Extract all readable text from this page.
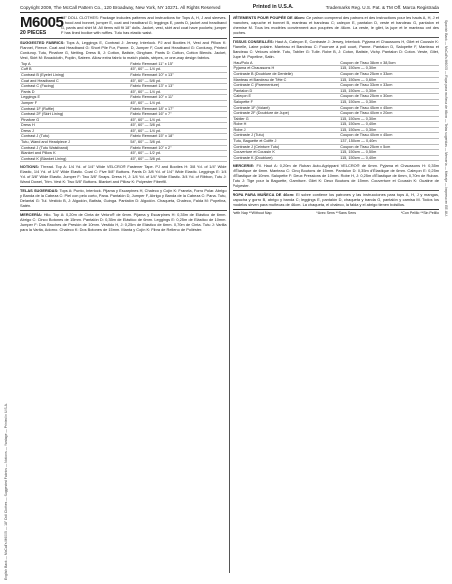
English Back — McCall's M6005 — 18" Doll Clothes — Suggested Fabrics — Notions — Yardage — Printed in U.S.A.
Spanish Back — McCall's M6005 — Ropa para muñeca de 46cm — Telas sugeridas — Mercería — Metraje — Impreso en EE.UU.
Copyright 2009, The McCall Pattern Co., 120 Broadway, New York, NY 10271. All Rights Reserved	Printed in U.S.A.	Trademarks Reg. U.S. Pat. & TM Off. Marca Registrada
M6005
20 PIECES

18" DOLL CLOTHES: Package includes patterns and instructions for Tops A, H, J and sleeves. B hood and bonnet, jumper E, coat and headband G; leggings E, pants D, jacket and headband G, pants and shirt M. All items will fit 18" dolls. Jacket, vest, skirt and coat have pockets; jumper F has lined bodice with ruffles. Tutu has elastic waist.

SUGGESTED FABRICS: Tops A, Leggings E, Contrast J: Jersey, Interlock. PJ and Booties H, Vest and Pillow K: Flannel, Fleece. Coat and Headband G: Short Pile Fur, Panne. D, Jumper F, Coat and Headband G: Corduroy, Printed Corduroy. Tutu, Pinafore G, Netting. Dress B, J: Cotton, Batiste, Gingham. Pants D: Cotton, Cotton Blends. Jacket, Vest, Skirt M: Broadcloth, Poplin, Sateen. Allow extra fabric to match plaids, stripes, or one-way design fabrics.

Top A	Fabric Remnant 11" x 15"
Cuff B	45", 60" — 1/4 yd.
Contrast B (Eyelet Lining)	Fabric Remnant 10" x 13"
Coat and Headband C	45", 60" — 5/8 yd.
Contrast C (Facing)	Fabric Remnant 13" x 13"
Pants D	45", 60" — 1/4 yd.
Leggings E	Fabric Remnant 10" x 11"
Jumper F	45", 60" — 1/4 yd.
Contrast 1F (Ruffle)	Fabric Remnant 18" x 17"
Contrast 2F (Skirt Lining)	Fabric Remnant 16" x 7"
Pinafore G	45", 60" — 1/4 yd.
Dress H	45", 60" — 3/8 yd.
Dress J	45", 60" — 1/4 yd.
Contrast J (Tutu)	Fabric Remnant 15" x 18"
Tutu, Wand and Headpiece J	54", 60" — 3/8 yd.
Contrast J (Tutu Waistband)	Fabric Remnant 10" x 2"
Blanket and Pillow K	45", 60" — 1/2 yd.
Contrast K (Blanket Lining)	45", 60" — 3/8 yd.

NOTIONS: Thread. Top A: 1/4 Yd. of 1/4" Wide VELCRO® Fastener Tape. PJ and Booties H: 3/8 Yd. of 1/4" Wide Elastic, 1/4 Yd. of 1/4" Wide Elastic. Coat C: Five 5/8" Buttons. Pants D: 3/8 Yd. of 1/4" Wide Elastic. Leggings E: 1/4 Yd. of 3/8" Wide Elastic. Jumper F: Two 3/8" Snaps. Dress H, J: 1/4 Yd. of 1/4" Wide Elastic. 3/4 Yd. of Ribbon, Tutu J: Wand Dowel, Trim. Vest K: Two 5/8" Buttons. Blanket and Pillow K: Polyester Fiberfill.

TELAS SUGERIDAS: Tops A: Punto, Interlock. Pijama y Escarpines H, Chaleco y Cojín K: Franela, Forro Polar. Abrigo y Banda de la Cabeza C: Piel con pelo corto, Pana. Pantalón D, Jumper F, Abrigo y Banda de la Cabeza C: Pana. Tutu, Delantal G: Tul. Vestido B, J: Algodón, Batista, Guinga. Pantalón D: Algodón. Chaqueta, Chaleco, Falda M: Popelina, Satén.

MERCERÍA: Hilo. Top A: 0,20m de Cinta de Velcro® de 6mm. Pijama y Escarpines H: 0,35m de Elástico de 6mm. Abrigo C: Cinco Botones de 15mm. Pantalón D: 0,35m de Elástico de 6mm. Leggings E: 0,25m de Elástico de 10mm. Jumper F: Dos Broches de Presión de 10mm. Vestido H, J: 0,25m de Elástico de 6mm. 0,70m de Cinta. Tutu J: Varilla para la Varita, Adorno. Chaleco K: Dos Botones de 15mm. Manta y Cojín K: Fibra de Relleno de Poliéster.

VÊTEMENTS POUR POUPÉE DE 46cm: Ce patron comprend des patrons et des instructions pour les hauts A, H, J et manches, capuche et bonnet B, manteau et bandeau C; caleçon E, pantalon D, veste et bandeau G, pantalon et chemise M. Tous les modèles conviennent aux poupées de 46cm. La veste, le gilet, la jupe et le manteau ont des poches.

TISSUS CONSEILLÉS: Haut A, Caleçon E, Contraste J: Jersey, Interlock. Pyjama et Chaussons H, Gilet et Coussin K: Flanelle, Laine polaire. Manteau et Bandeau C: Fourrure à poil court, Panne. Pantalon D, Salopette F, Manteau et Bandeau C: Velours côtelé. Tutu, Tablier G: Tulle. Robe B, J: Coton, Batiste, Vichy. Pantalon D: Coton. Veste, Gilet, Jupe M: Popeline, Satin.

Hau/Polo A	Coupon de Tissu 38cm x 38,5cm
Pyjama et Chaussons H	115, 150cm — 0,30m
Contraste B (Doublure de Dentelle)	Coupon de Tissu 25cm x 33cm
Manteau et Bandeau de Tête C	115, 150cm — 0,60m
Contraste C (Parementure)	Coupon de Tissu 33cm x 33cm
Pantalon D	115, 150cm — 0,30m
Caleçon E	Coupon de Tissu 25cm x 30cm
Salopette F	115, 150cm — 0,30m
Contraste 1F (Volant)	Coupon de Tissu 45cm x 45cm
Contraste 2F (Doublure de Jupe)	Coupon de Tissu 40cm x 20cm
Tablier G	115, 150cm — 0,30m
Robe H	115, 150cm — 0,40m
Robe J	115, 150cm — 0,30m
Contraste J (Tutu)	Coupon de Tissu 40cm x 45cm
Tutu, Baguette et Coiffe J	137, 150cm — 0,40m
Contraste J (Ceinture Tutu)	Coupon de Tissu 25cm x 5cm
Couverture et Coussin K	115, 150cm — 0,50m
Contraste K (Doublure)	115, 150cm — 0,40m

MERCERIE: Fil. Haut A: 0,20m de Ruban Auto-Agrippant VELCRO® de 6mm. Pyjama et Chaussons H: 0,35m d'Élastique de 6mm. Manteau C: Cinq Boutons de 15mm. Pantalon D: 0,35m d'Élastique de 6mm. Caleçon E: 0,25m d'Élastique de 10mm. Salopette F: Deux Pressions de 10mm. Robe H, J: 0,25m d'Élastique de 6mm, 0,70m de Ruban. Tutu J: Tige pour la Baguette, Garniture. Gilet K: Deux Boutons de 15mm. Couverture et Coussin K: Ouatine de Polyester.

ROPA PARA MUÑECA DE 46cm: El sobre contiene los patrones y las instrucciones para tops A, H, J y mangas, capucha y gorro B, abrigo y banda C; leggings E, pantalón D, chaqueta y banda G, pantalón y camisa M. Todos los modelos sirven para muñecas de 46cm. La chaqueta, el chaleco, la falda y el abrigo tienen bolsillos.

*with Nap **Without Nap	*Avec Sens **Sans Sens	*Con Pelillo **Sin Pelillo
